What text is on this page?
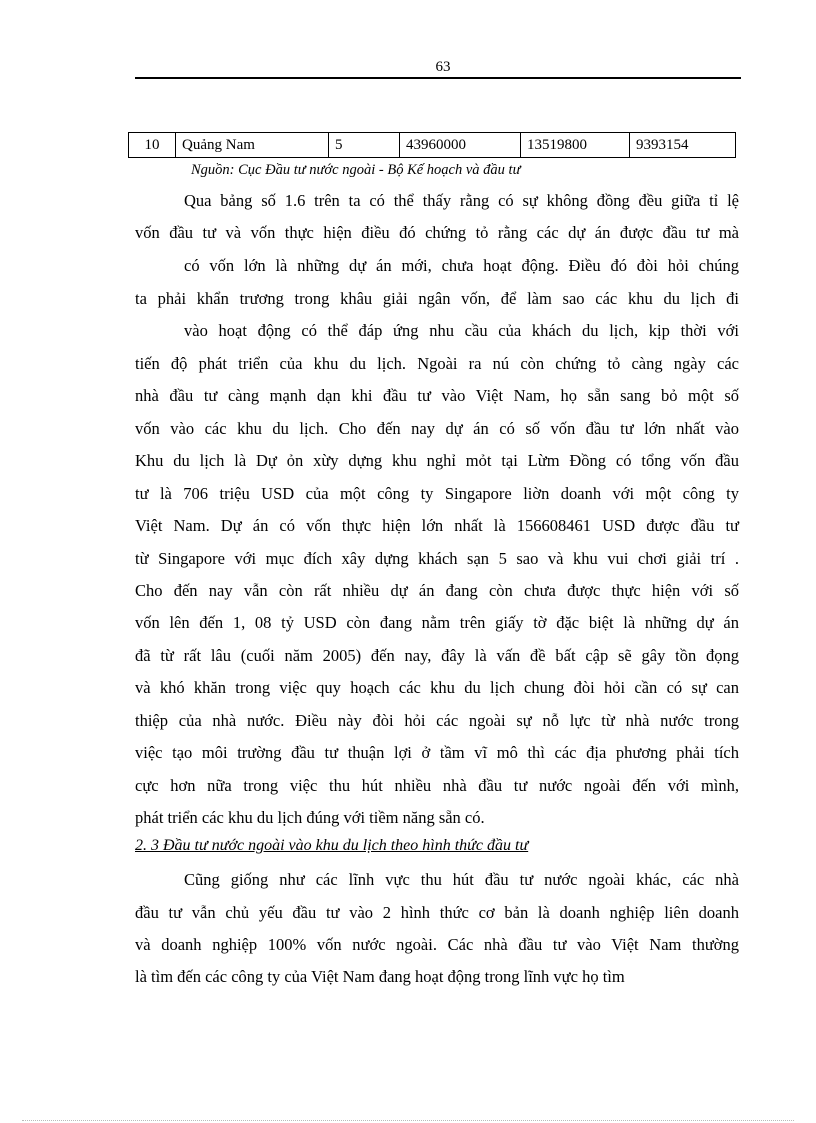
63
10	Quảng Nam	5	43960000	13519800	9393154
Nguồn: Cục Đầu tư nước ngoài - Bộ Kế hoạch và đầu tư
Qua bảng số 1.6 trên ta có thể thấy rằng có sự không đồng đều giữa tỉ lệ
vốn đầu tư và vốn thực hiện điều đó chứng tỏ rằng các dự án được đầu tư mà
có vốn lớn là những dự án mới, chưa hoạt động. Điều đó đòi hỏi chúng
ta phải khẩn trương trong khâu giải ngân vốn, để làm sao các khu du lịch đi
vào hoạt động có thể đáp ứng nhu cầu của khách du lịch, kịp thời với
tiến độ phát triển của khu du lịch. Ngoài ra nú còn chứng tỏ càng ngày các
nhà đầu tư càng mạnh dạn khi đầu tư vào Việt Nam, họ sẵn sang bỏ một số
vốn vào các khu du lịch. Cho đến nay dự án có số vốn đầu tư lớn nhất vào
Khu du lịch là Dự ỏn xừy dựng khu nghỉ mỏt tại Lừm Đồng có tổng vốn đầu
tư là 706 triệu USD của một công ty Singapore liờn doanh với một công ty
Việt Nam. Dự án có vốn thực hiện lớn nhất là 156608461 USD được đầu tư
từ Singapore với mục đích xây dựng khách sạn 5 sao và khu vui chơi giải trí .
Cho đến nay vẫn còn rất nhiều dự án đang còn chưa được thực hiện với số
vốn lên đến 1, 08 tỷ USD còn đang nằm trên giấy tờ đặc biệt là những dự án
đã từ rất lâu (cuối năm 2005) đến nay, đây là vấn đề bất cập sẽ gây tồn đọng
và khó khăn trong việc quy hoạch các khu du lịch chung đòi hỏi cần có sự can
thiệp của nhà nước. Điều này đòi hỏi các ngoài sự nỗ lực từ nhà nước trong
việc tạo môi trường đầu tư thuận lợi ở tầm vĩ mô thì các địa phương phải tích
cực hơn nữa trong việc thu hút nhiều nhà đầu tư nước ngoài đến với mình,
phát triển các khu du lịch đúng với tiềm năng sẵn có.
2. 3 Đầu tư nước ngoài vào khu du lịch theo hình thức đầu tư
Cũng giống như các lĩnh vực thu hút đầu tư nước ngoài khác, các nhà
đầu tư vẫn chủ yếu đầu tư vào 2 hình thức cơ bản là doanh nghiệp liên doanh
và doanh nghiệp 100% vốn nước ngoài. Các nhà đầu tư vào Việt Nam thường
là tìm đến các công ty của Việt Nam đang hoạt động trong lĩnh vực họ tìm
